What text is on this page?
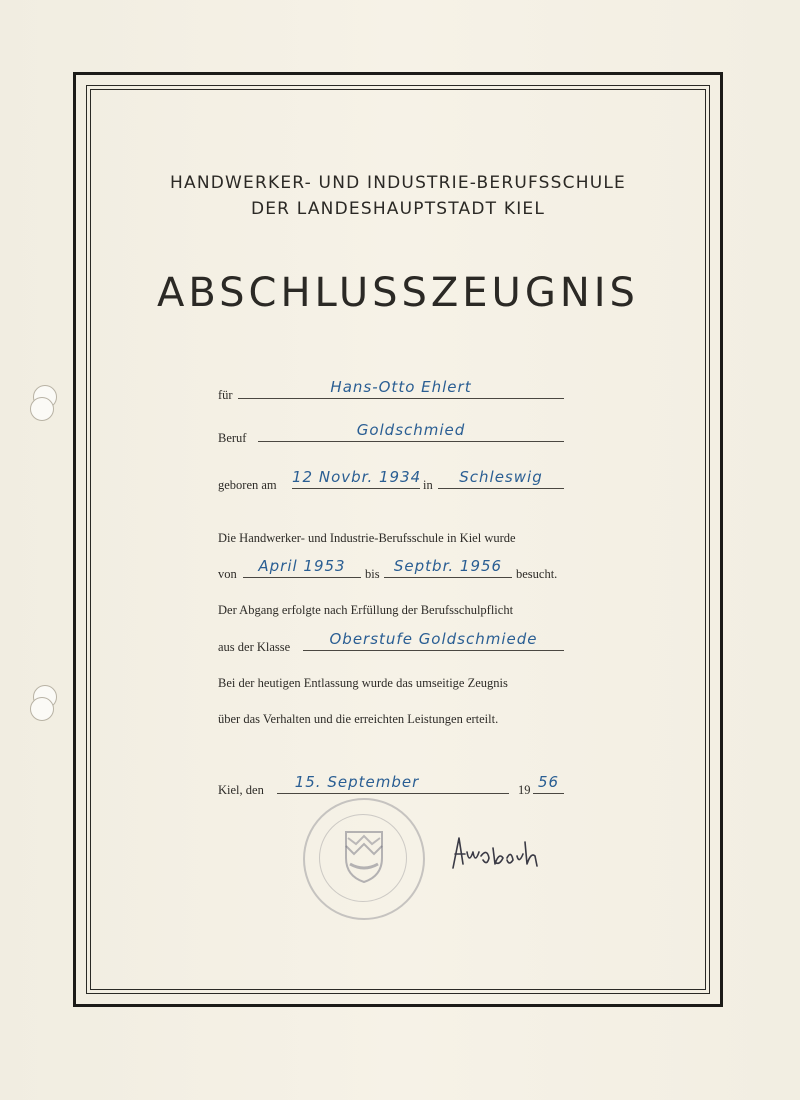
HANDWERKER- UND INDUSTRIE-BERUFSSCHULE
DER LANDESHAUPTSTADT KIEL
ABSCHLUSSZEUGNIS
für	Hans-Otto Ehlert
Beruf	Goldschmied
geboren am 12 Novbr. 1934 in	Schleswig
Die Handwerker- und Industrie-Berufsschule in Kiel wurde
von	April 1953	bis Septbr. 1956	besucht.
Der Abgang erfolgte nach Erfüllung der Berufsschulpflicht
aus der Klasse	Oberstufe Goldschmiede
Bei der heutigen Entlassung wurde das umseitige Zeugnis
über das Verhalten und die erreichten Leistungen erteilt.
Kiel, den	15. September	19 56
